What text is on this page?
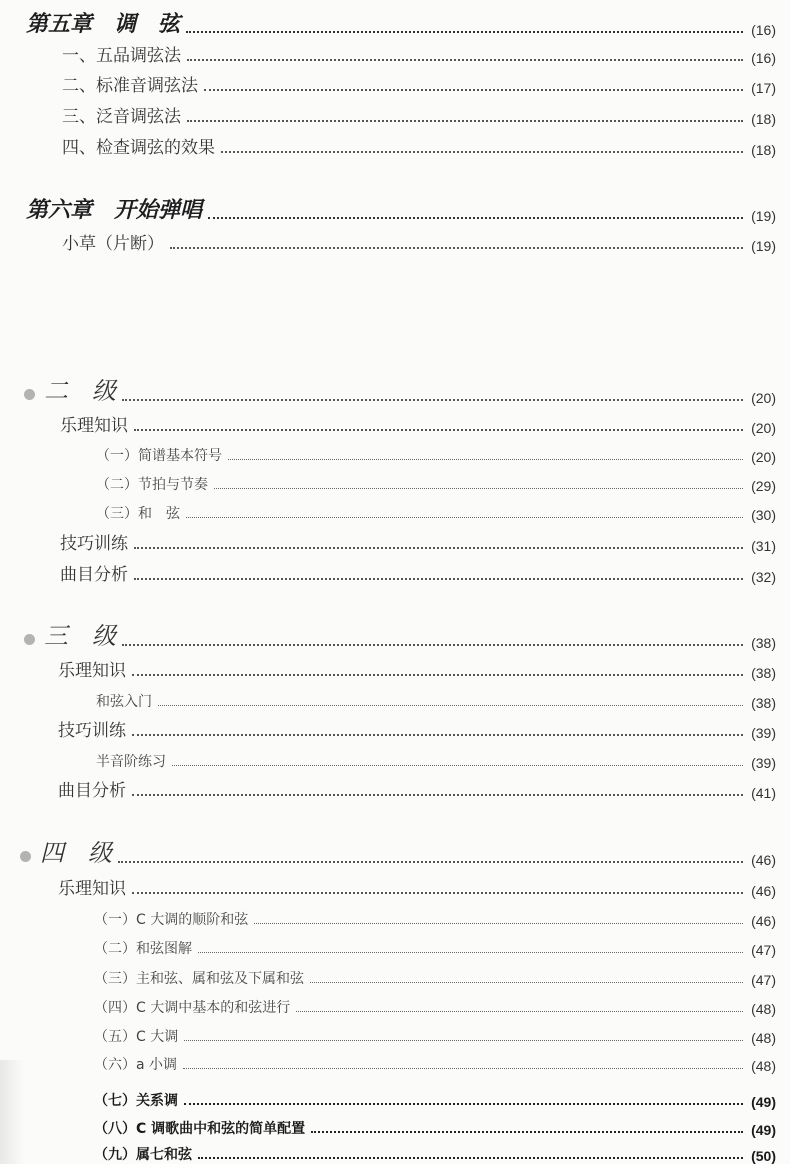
第五章　调　弦	(16)
一、五品调弦法	(16)
二、标准音调弦法	(17)
三、泛音调弦法	(18)
四、检查调弦的效果	(18)
第六章　开始弹唱	(19)
小草（片断）	(19)
二　级	(20)
乐理知识	(20)
（一）简谱基本符号	(20)
（二）节拍与节奏	(29)
（三）和　弦	(30)
技巧训练	(31)
曲目分析	(32)
三　级	(38)
乐理知识	(38)
和弦入门	(38)
技巧训练	(39)
半音阶练习	(39)
曲目分析	(41)
四　级	(46)
乐理知识	(46)
（一）C 大调的顺阶和弦	(46)
（二）和弦图解	(47)
（三）主和弦、属和弦及下属和弦	(47)
（四）C 大调中基本的和弦进行	(48)
（五）C 大调	(48)
（六）a 小调	(48)
（七）关系调	(49)
（八）C 调歌曲中和弦的简单配置	(49)
（九）属七和弦	(50)
